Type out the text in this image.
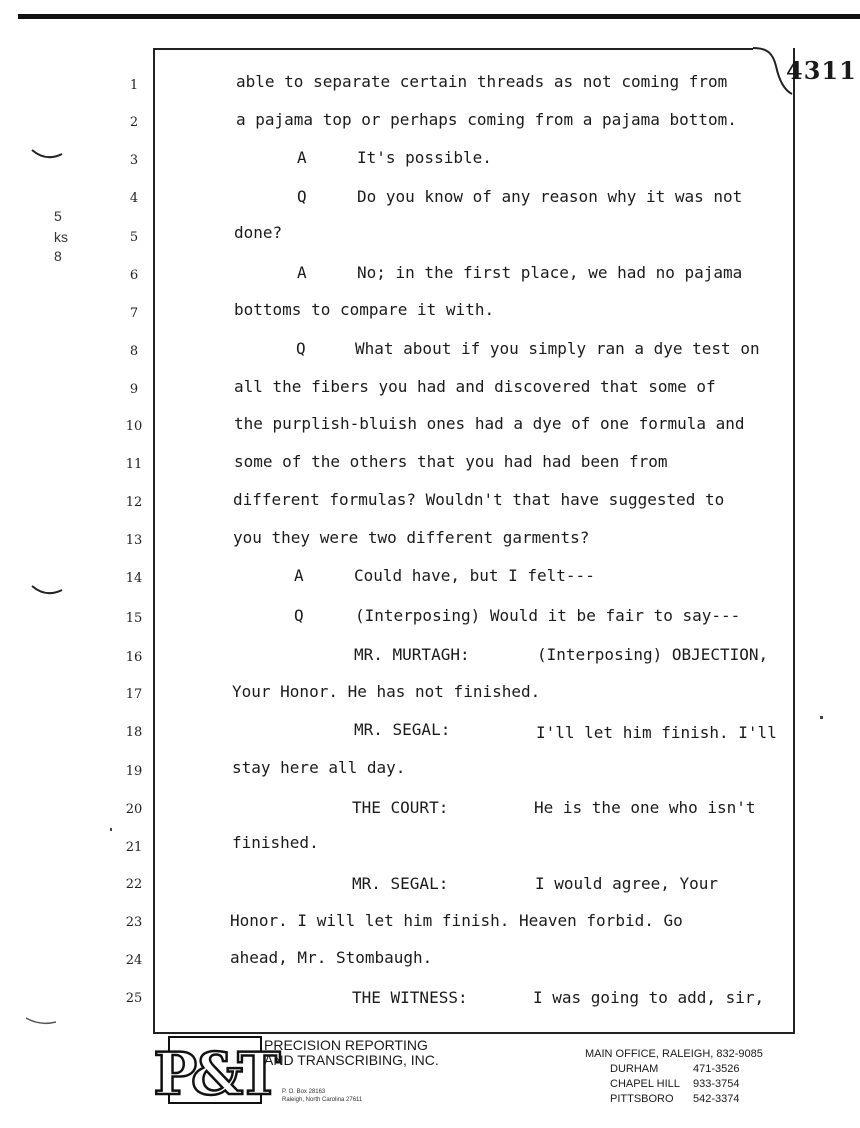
4311
5
ks
8
1
2
3
4
5
6
7
8
9
10
11
12
13
14
15
16
17
18
19
20
21
22
23
24
25
able to separate certain threads as not coming from
a pajama top or perhaps coming from a pajama bottom.
A	It's possible.
Q	Do you know of any reason why it was not
done?
A	No; in the first place, we had no pajama
bottoms to compare it with.
Q	What about if you simply ran a dye test on
all the fibers you had and discovered that some of
the purplish-bluish ones had a dye of one formula and
some of the others that you had had been from
different formulas? Wouldn't that have suggested to
you they were two different garments?
A	Could have, but I felt---
Q	(Interposing) Would it be fair to say---
MR. MURTAGH:	(Interposing) OBJECTION,
Your Honor. He has not finished.
MR. SEGAL:	I'll let him finish. I'll
stay here all day.
THE COURT:	He is the one who isn't
finished.
MR. SEGAL:	I would agree, Your
Honor. I will let him finish. Heaven forbid. Go
ahead, Mr. Stombaugh.
THE WITNESS:	I was going to add, sir,
P&T
PRECISION REPORTING
AND TRANSCRIBING, INC.
P. O. Box 28163
Raleigh, North Carolina 27611
MAIN OFFICE, RALEIGH, 832-9085
DURHAM	471-3526
CHAPEL HILL 933-3754
PITTSBORO 542-3374
